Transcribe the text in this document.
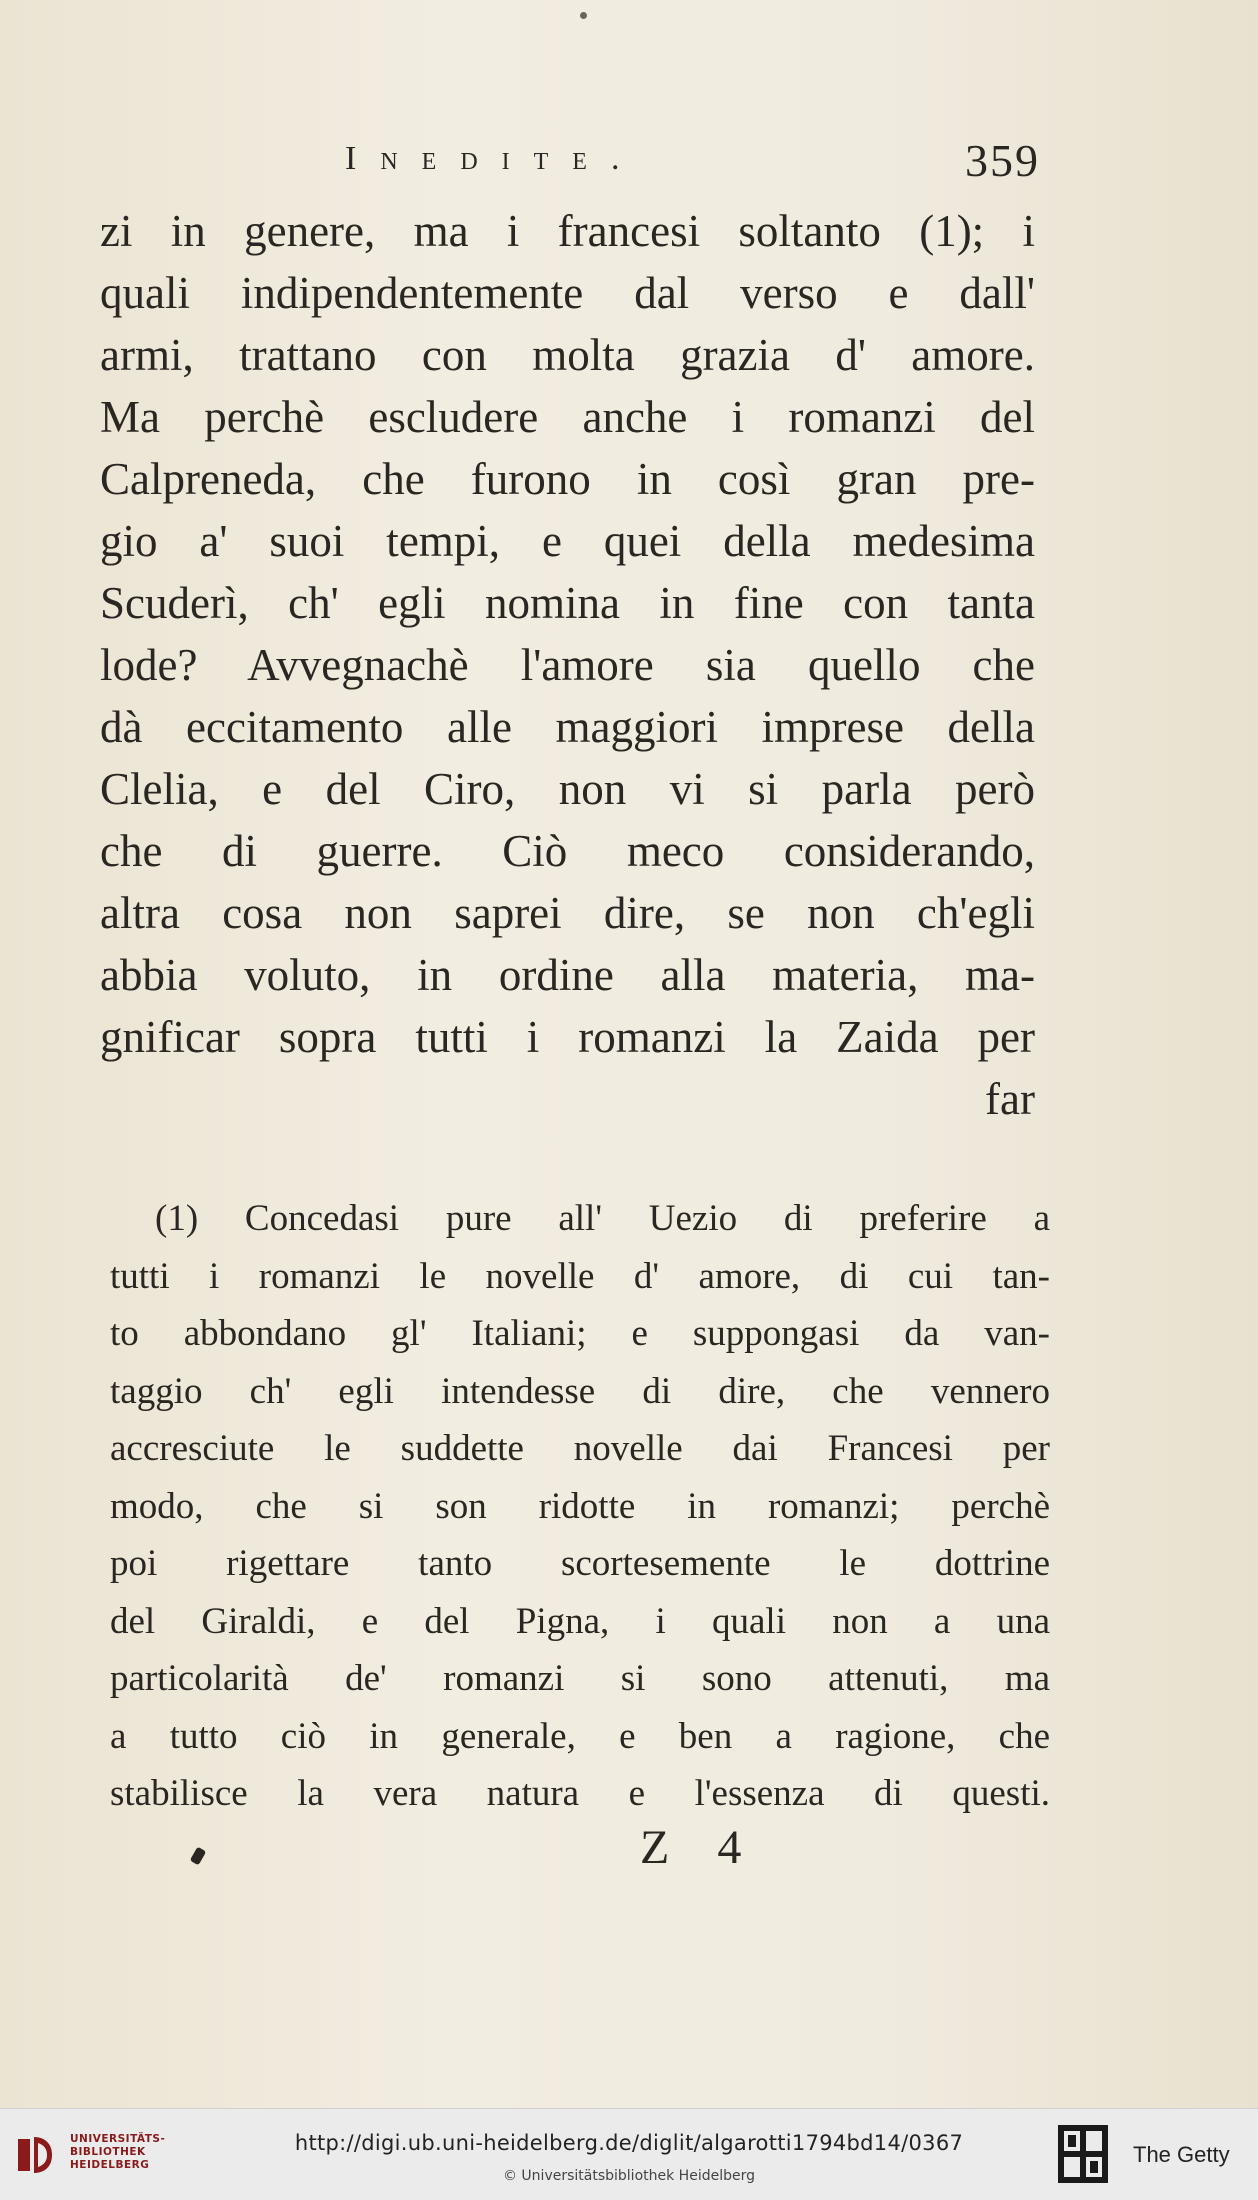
Inedite.	359
zi in genere, ma i francesi soltanto (1); i
quali indipendentemente dal verso e dall'
armi, trattano con molta grazia d' amore.
Ma perchè escludere anche i romanzi del
Calpreneda, che furono in così gran pre-
gio a' suoi tempi, e quei della medesima
Scuderì, ch' egli nomina in fine con tanta
lode? Avvegnachè l'amore sia quello che
dà eccitamento alle maggiori imprese della
Clelia, e del Ciro, non vi si parla però
che di guerre. Ciò meco considerando,
altra cosa non saprei dire, se non ch'egli
abbia voluto, in ordine alla materia, ma-
gnificar sopra tutti i romanzi la Zaida per
far
(1) Concedasi pure all' Uezio di preferire a
tutti i romanzi le novelle d' amore, di cui tan-
to abbondano gl' Italiani; e suppongasi da van-
taggio ch' egli intendesse di dire, che vennero
accresciute le suddette novelle dai Francesi per
modo, che si son ridotte in romanzi; perchè
poi rigettare tanto scortesemente le dottrine
del Giraldi, e del Pigna, i quali non a una
particolarità de' romanzi si sono attenuti, ma
a tutto ciò in generale, e ben a ragione, che
stabilisce la vera natura e l'essenza di questi.
Z 4
UNIVERSITÄTS-
BIBLIOTHEK
HEIDELBERG
http://digi.ub.uni-heidelberg.de/diglit/algarotti1794bd14/0367
© Universitätsbibliothek Heidelberg
The Getty
